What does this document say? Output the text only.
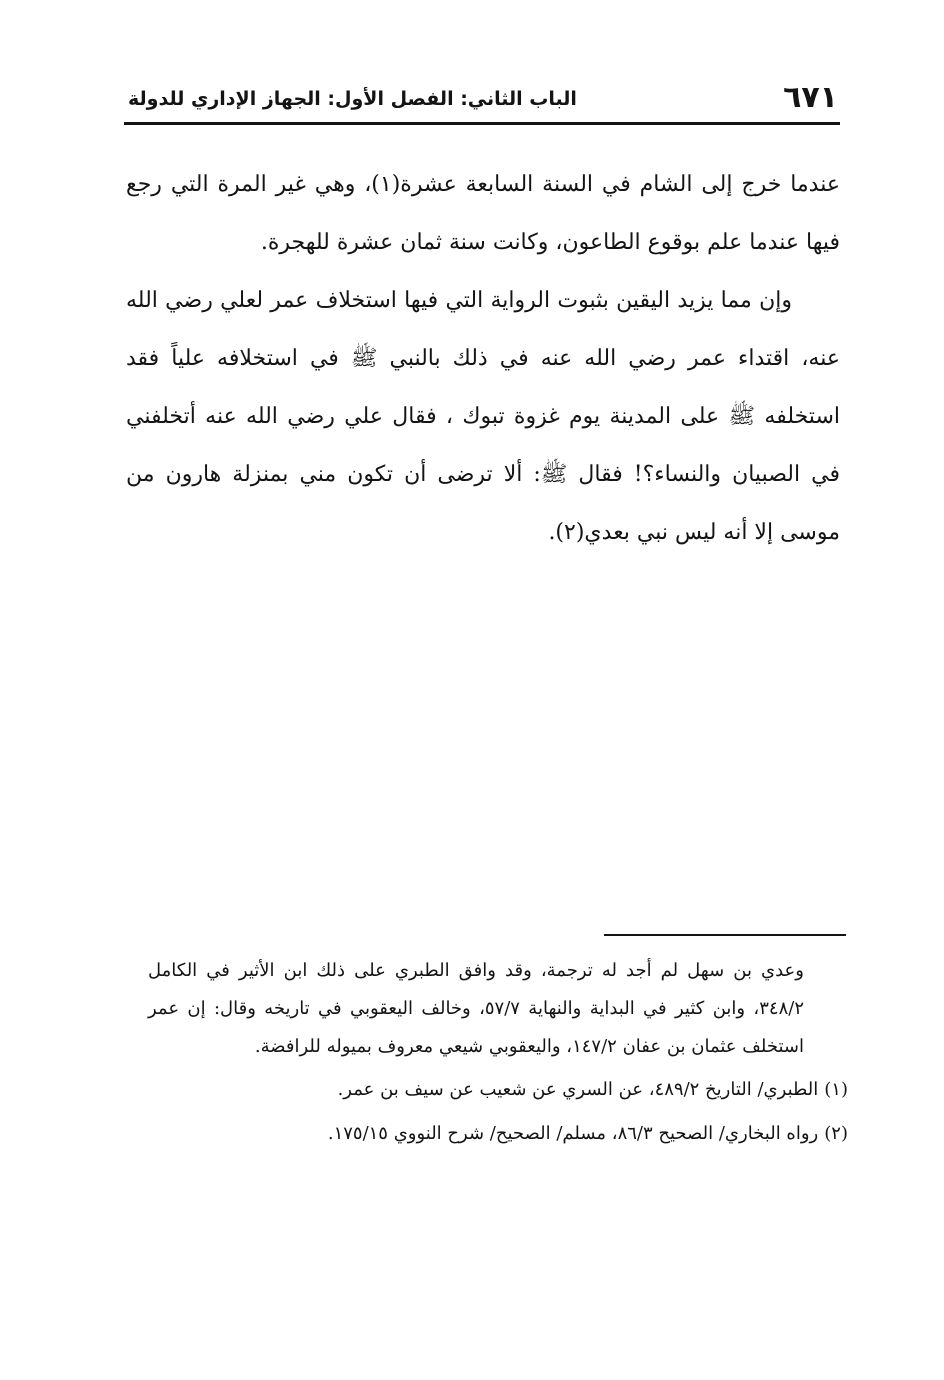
٦٧١
الباب الثاني: الفصل الأول: الجهاز الإداري للدولة

عندما خرج إلى الشام في السنة السابعة عشرة(١)، وهي غير المرة التي رجع فيها عندما علم بوقوع الطاعون، وكانت سنة ثمان عشرة للهجرة.

وإن مما يزيد اليقين بثبوت الرواية التي فيها استخلاف عمر لعلي رضي الله عنه، اقتداء عمر رضي الله عنه في ذلك بالنبي ﷺ في استخلافه علياً فقد استخلفه ﷺ على المدينة يوم غزوة تبوك ، فقال علي رضي الله عنه أتخلفني في الصبيان والنساء؟! فقال ﷺ: ألا ترضى أن تكون مني بمنزلة هارون من موسى إلا أنه ليس نبي بعدي(٢).

وعدي بن سهل لم أجد له ترجمة، وقد وافق الطبري على ذلك ابن الأثير في الكامل ٣٤٨/٢، وابن كثير في البداية والنهاية ٥٧/٧، وخالف اليعقوبي في تاريخه وقال: إن عمر استخلف عثمان بن عفان ١٤٧/٢، واليعقوبي شيعي معروف بميوله للرافضة.

(١)
الطبري/ التاريخ ٤٨٩/٢، عن السري عن شعيب عن سيف بن عمر.
(٢)
رواه البخاري/ الصحيح ٨٦/٣، مسلم/ الصحيح/ شرح النووي ١٧٥/١٥.
